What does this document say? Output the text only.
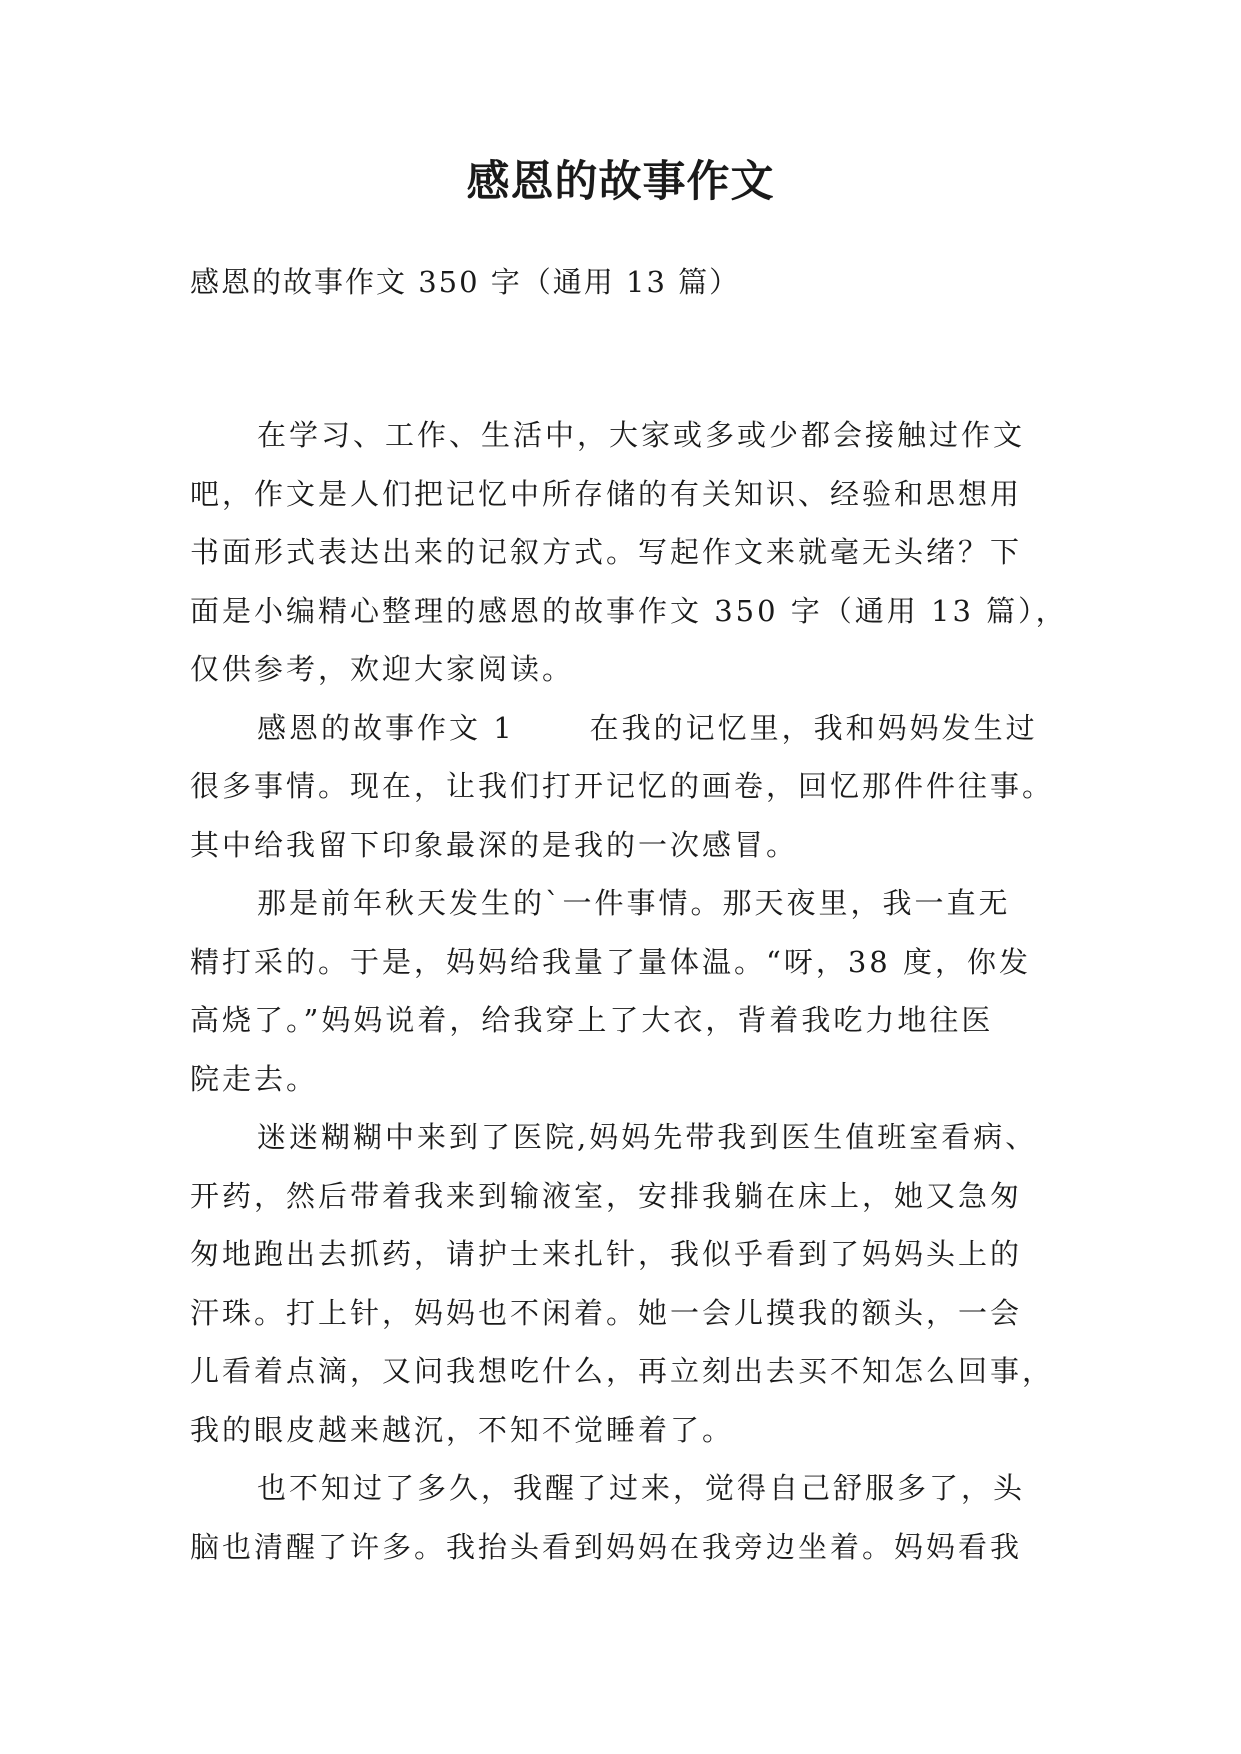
感恩的故事作文
感恩的故事作文 350 字（通用 13 篇）
在学习、工作、生活中，大家或多或少都会接触过作文
吧，作文是人们把记忆中所存储的有关知识、经验和思想用
书面形式表达出来的记叙方式。写起作文来就毫无头绪？下
面是小编精心整理的感恩的故事作文 350 字（通用 13 篇），
仅供参考，欢迎大家阅读。
感恩的故事作文 1	在我的记忆里，我和妈妈发生过
很多事情。现在，让我们打开记忆的画卷，回忆那件件往事。
其中给我留下印象最深的是我的一次感冒。
那是前年秋天发生的`一件事情。那天夜里，我一直无
精打采的。于是，妈妈给我量了量体温。“呀，38 度，你发
高烧了。”妈妈说着，给我穿上了大衣，背着我吃力地往医
院走去。
迷迷糊糊中来到了医院,妈妈先带我到医生值班室看病、
开药，然后带着我来到输液室，安排我躺在床上，她又急匆
匆地跑出去抓药，请护士来扎针，我似乎看到了妈妈头上的
汗珠。打上针，妈妈也不闲着。她一会儿摸我的额头，一会
儿看着点滴，又问我想吃什么，再立刻出去买不知怎么回事，
我的眼皮越来越沉，不知不觉睡着了。
也不知过了多久，我醒了过来，觉得自己舒服多了，头
脑也清醒了许多。我抬头看到妈妈在我旁边坐着。妈妈看我
